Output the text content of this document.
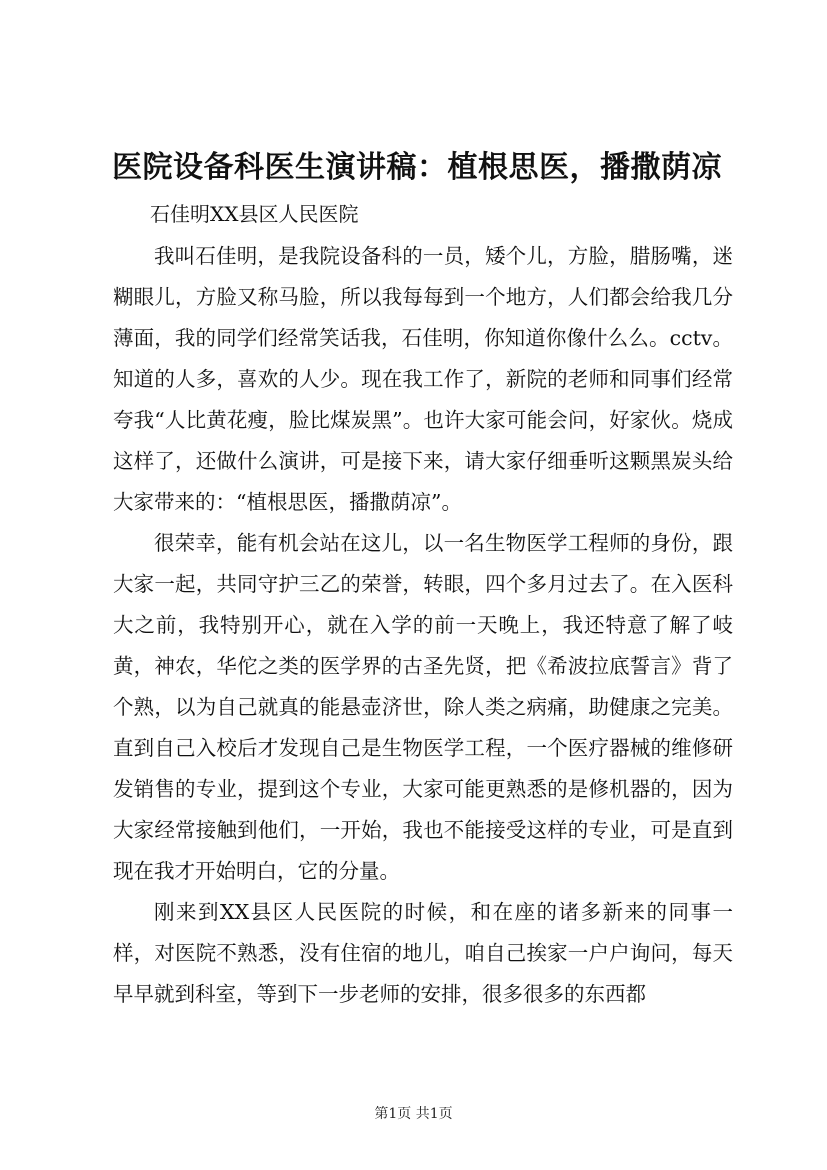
医院设备科医生演讲稿：植根思医，播撒荫凉
石佳明XX县区人民医院

我叫石佳明，是我院设备科的一员，矮个儿，方脸，腊肠嘴，迷糊眼儿，方脸又称马脸，所以我每每到一个地方，人们都会给我几分薄面，我的同学们经常笑话我，石佳明，你知道你像什么么。cctv。知道的人多，喜欢的人少。现在我工作了，新院的老师和同事们经常夸我“人比黄花瘦，脸比煤炭黑”。也许大家可能会问，好家伙。烧成这样了，还做什么演讲，可是接下来，请大家仔细垂听这颗黑炭头给大家带来的：“植根思医，播撒荫凉”。

很荣幸，能有机会站在这儿，以一名生物医学工程师的身份，跟大家一起，共同守护三乙的荣誉，转眼，四个多月过去了。在入医科大之前，我特别开心，就在入学的前一天晚上，我还特意了解了岐黄，神农，华佗之类的医学界的古圣先贤，把《希波拉底誓言》背了个熟，以为自己就真的能悬壶济世，除人类之病痛，助健康之完美。直到自己入校后才发现自己是生物医学工程，一个医疗器械的维修研发销售的专业，提到这个专业，大家可能更熟悉的是修机器的，因为大家经常接触到他们，一开始，我也不能接受这样的专业，可是直到现在我才开始明白，它的分量。

刚来到XX县区人民医院的时候，和在座的诸多新来的同事一样，对医院不熟悉，没有住宿的地儿，咱自己挨家一户户询问，每天早早就到科室，等到下一步老师的安排，很多很多的东西都

第1页 共1页
